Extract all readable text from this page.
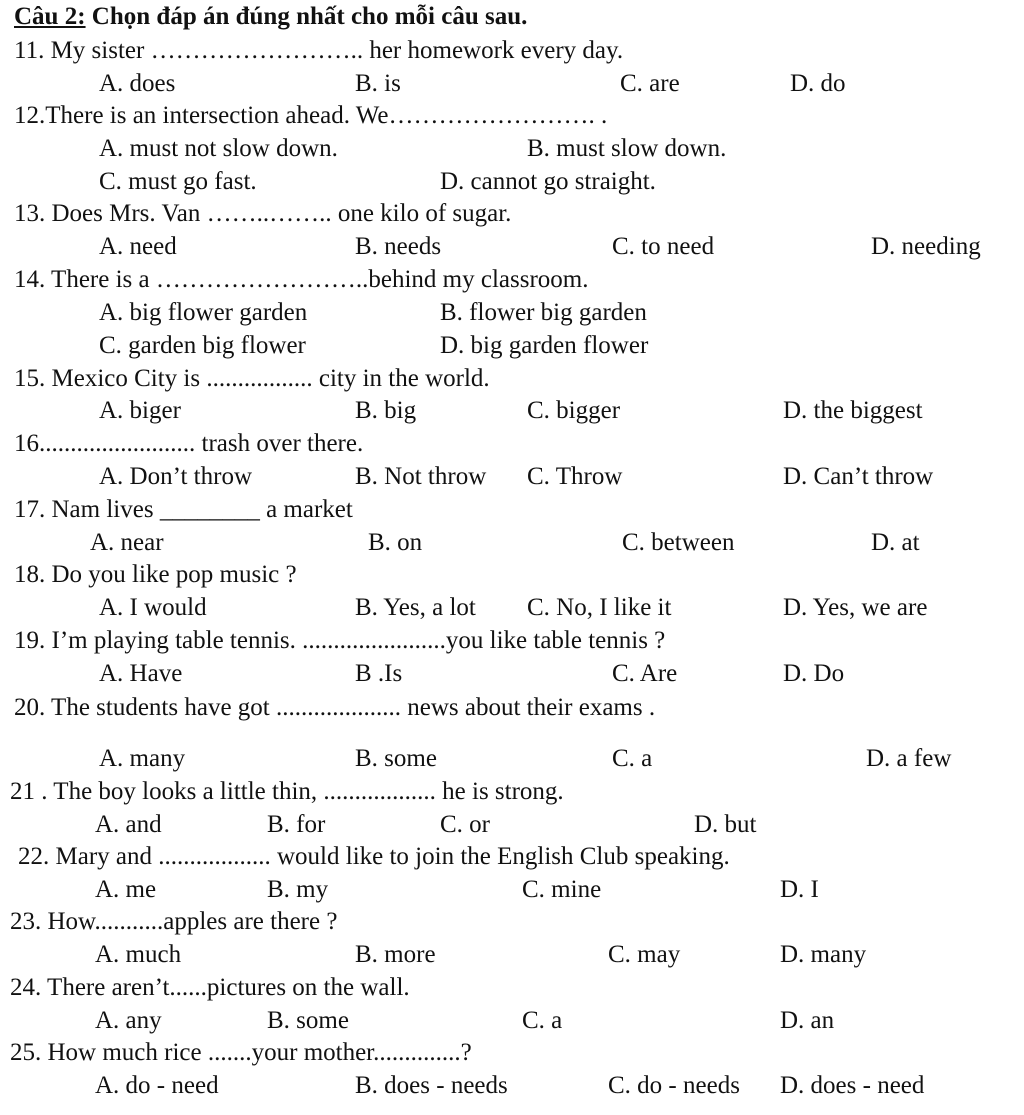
Câu 2: Chọn đáp án đúng nhất cho mỗi câu sau.
11. My sister …………………….. her homework every day.
A. does	B. is	C. are	D. do
12.There is an intersection ahead. We……………………. .
A. must not slow down.	B. must slow down.
C. must go fast.	D. cannot go straight.
13. Does Mrs. Van ……..…….. one kilo of sugar.
A. need	B. needs	C. to need	D. needing
14. There is a ……………………..behind my classroom.
A. big flower garden	B. flower big garden
C. garden big flower	D. big garden flower
15. Mexico City is ................. city in the world.
A. biger	B. big	C. bigger	D. the biggest
16......................... trash over there.
A. Don’t throw	B. Not throw C. Throw	D. Can’t throw
17. Nam lives ________ a market
A. near	B. on	C. between	D. at
18. Do you like pop music ?
A. I would	B. Yes, a lot C. No, I like it	D. Yes, we are
19. I’m playing table tennis. .......................you like table tennis ?
A. Have	B .Is	C. Are	D. Do
20. The students have got .................... news about their exams .
A. many	B. some	C. a	D. a few
21 . The boy looks a little thin, .................. he is strong.
A. and	B. for	C. or	D. but
22. Mary and .................. would like to join the English Club speaking.
A. me	B. my	C. mine	D. I
23. How...........apples are there ?
A. much	B. more	C. may	D. many
24. There aren’t......pictures on the wall.
A. any	B. some	C. a	D. an
25. How much rice .......your mother..............?
A. do - need	B. does - needs	C. do - needs D. does - need
